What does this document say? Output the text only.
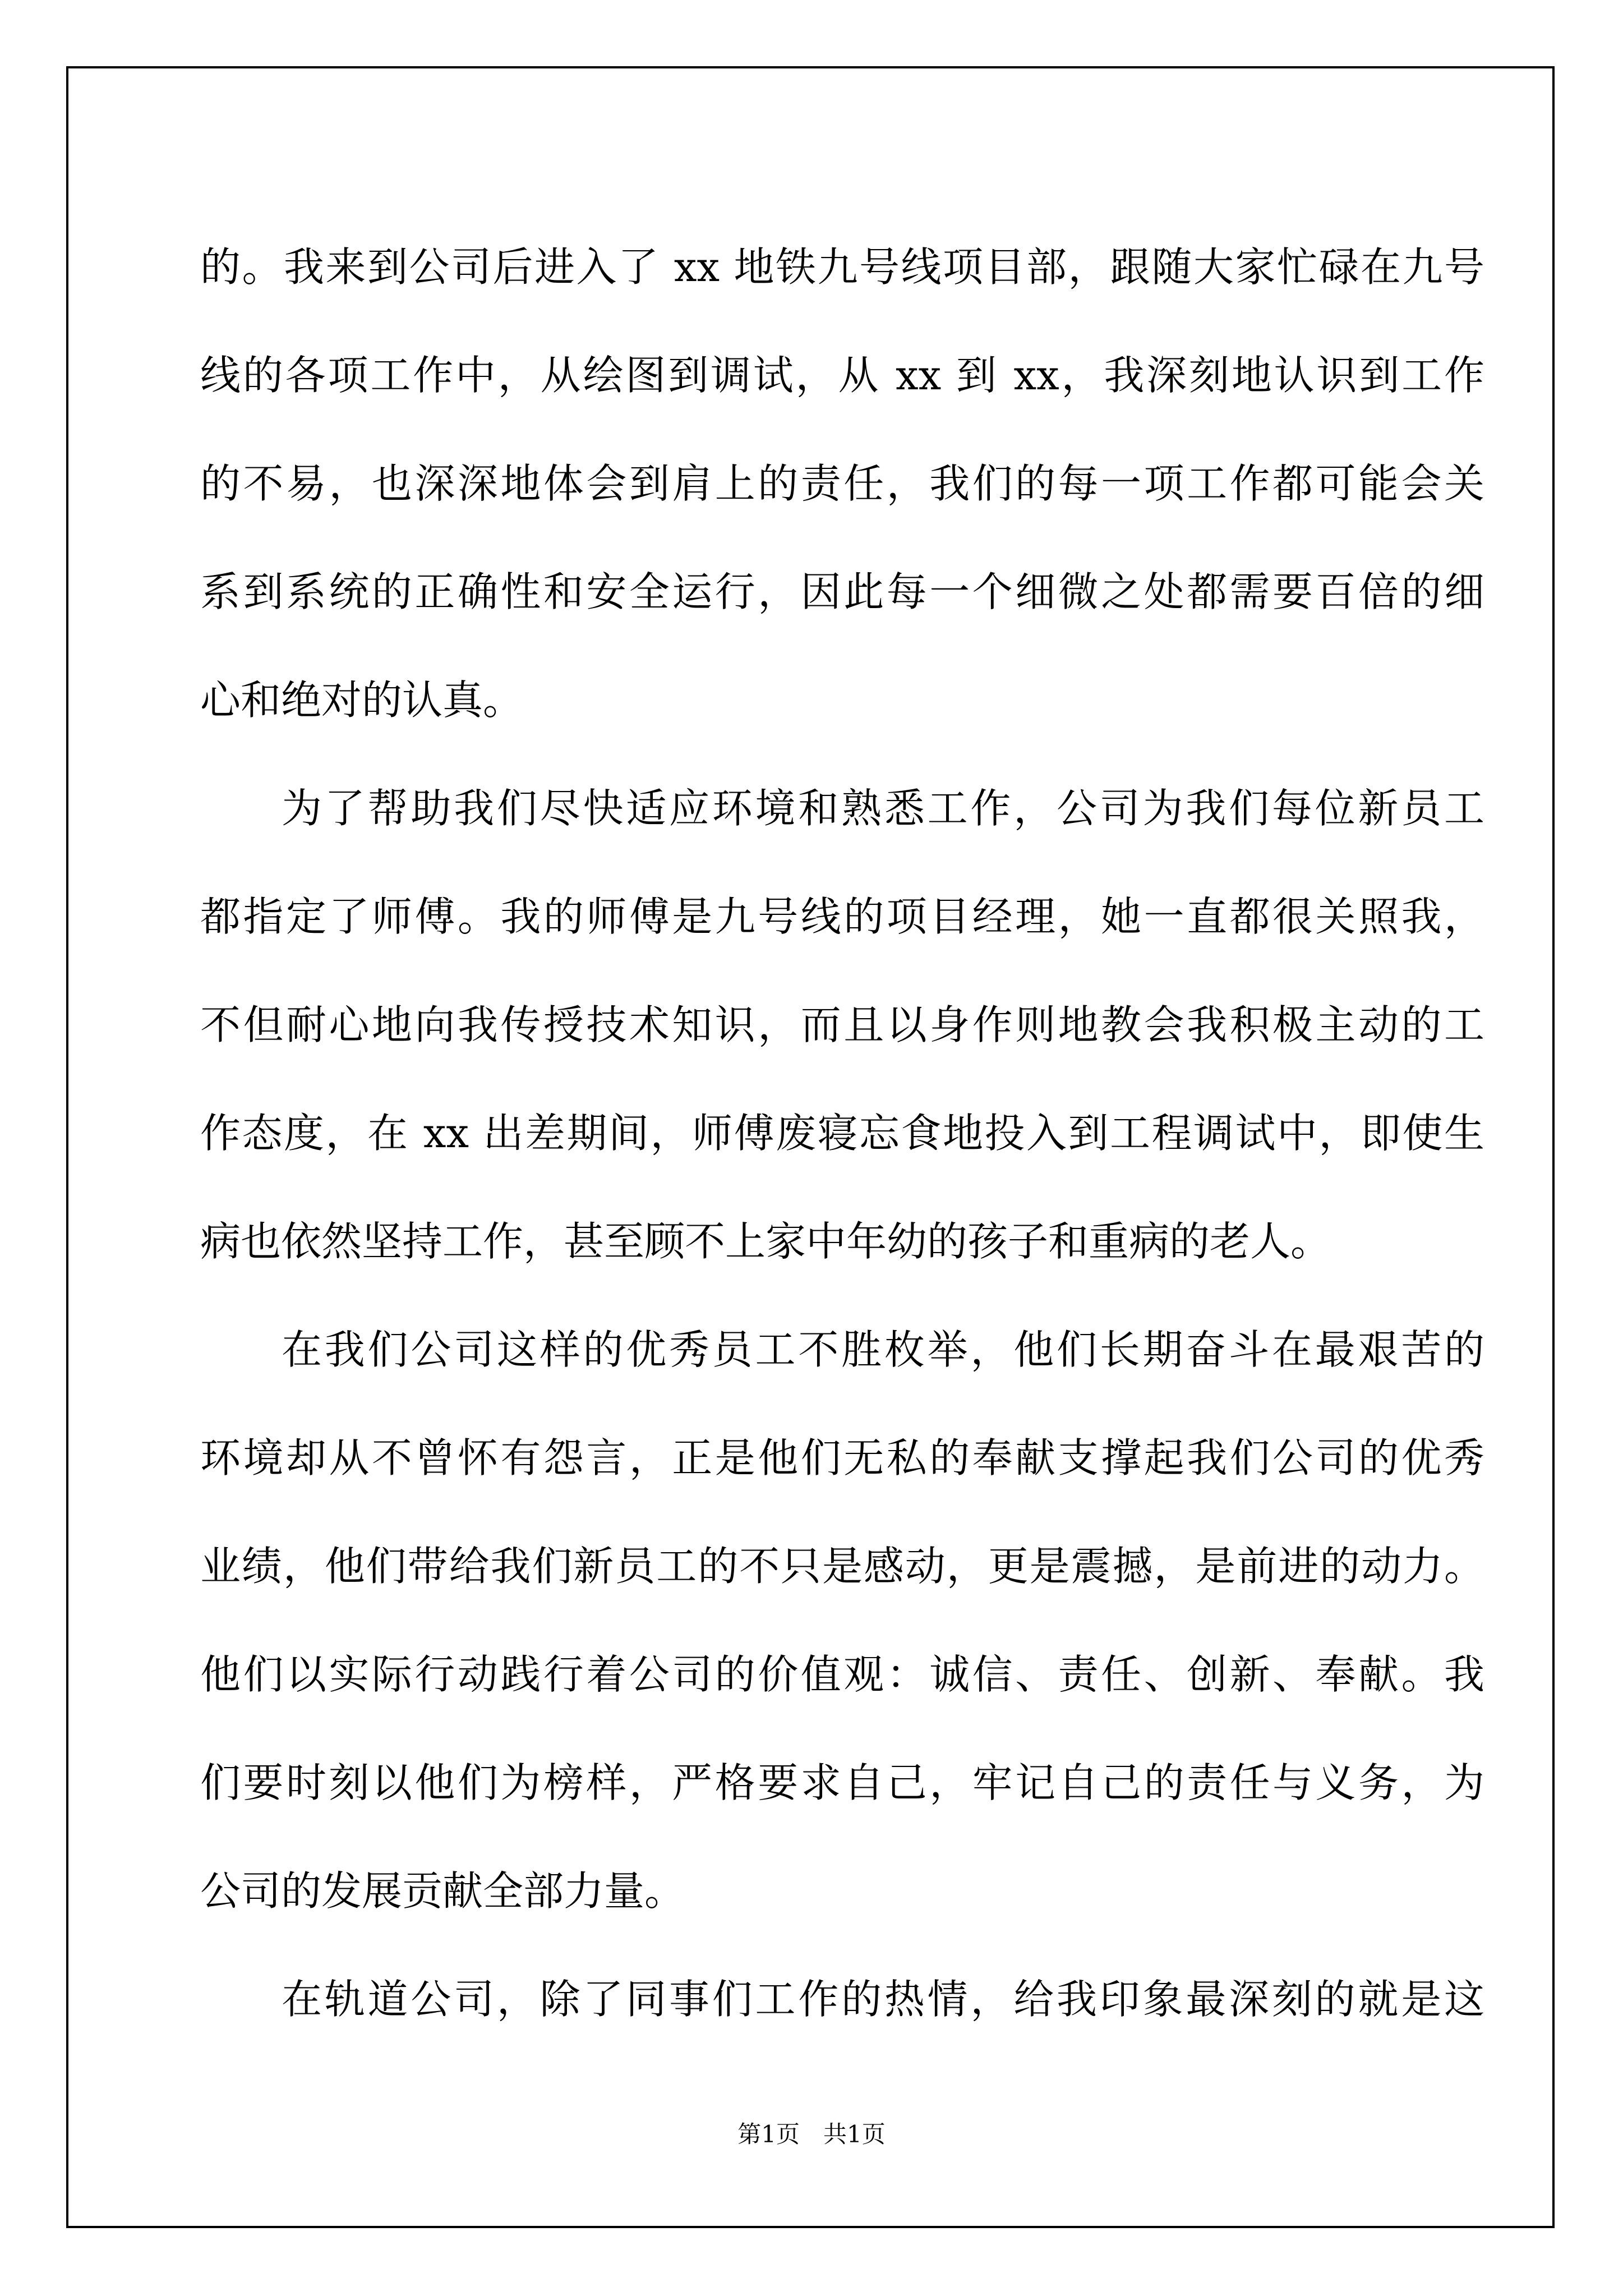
的。我来到公司后进入了 xx 地铁九号线项目部，跟随大家忙碌在九号
线的各项工作中，从绘图到调试，从 xx 到 xx，我深刻地认识到工作
的不易，也深深地体会到肩上的责任，我们的每一项工作都可能会关
系到系统的正确性和安全运行，因此每一个细微之处都需要百倍的细
心和绝对的认真。
为了帮助我们尽快适应环境和熟悉工作，公司为我们每位新员工
都指定了师傅。我的师傅是九号线的项目经理，她一直都很关照我，
不但耐心地向我传授技术知识，而且以身作则地教会我积极主动的工
作态度，在 xx 出差期间，师傅废寝忘食地投入到工程调试中，即使生
病也依然坚持工作，甚至顾不上家中年幼的孩子和重病的老人。
在我们公司这样的优秀员工不胜枚举，他们长期奋斗在最艰苦的
环境却从不曾怀有怨言，正是他们无私的奉献支撑起我们公司的优秀
业绩，他们带给我们新员工的不只是感动，更是震撼，是前进的动力。
他们以实际行动践行着公司的价值观：诚信、责任、创新、奉献。我
们要时刻以他们为榜样，严格要求自己，牢记自己的责任与义务，为
公司的发展贡献全部力量。
在轨道公司，除了同事们工作的热情，给我印象最深刻的就是这
第1页　共1页
